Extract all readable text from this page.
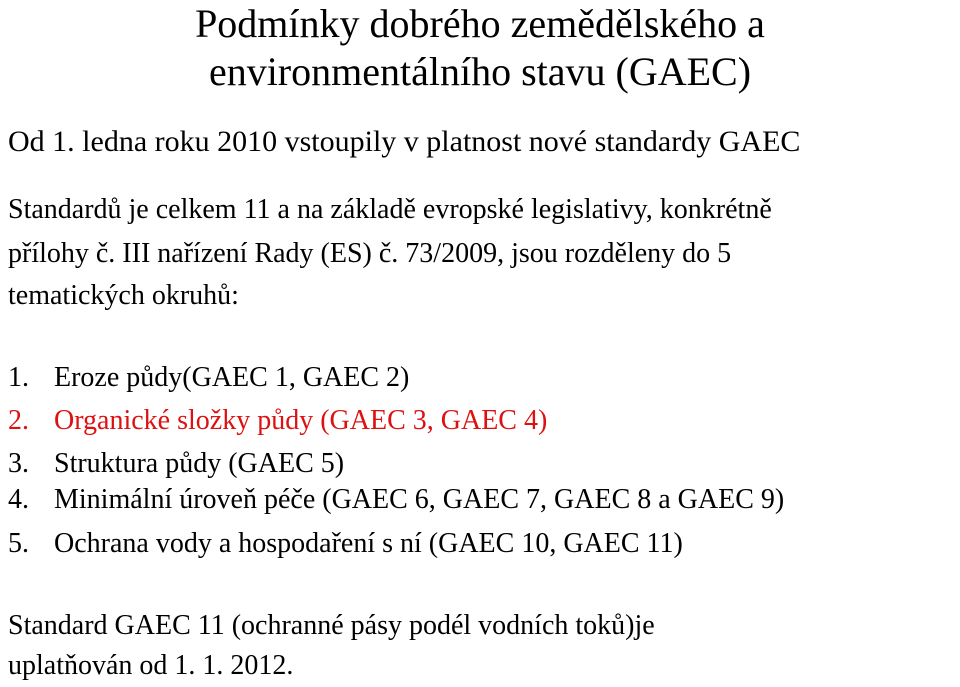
Podmínky dobrého zemědělského a
environmentálního stavu (GAEC)
Od 1. ledna roku 2010 vstoupily v platnost nové standardy GAEC
Standardů je celkem 11 a na základě evropské legislativy, konkrétně
přílohy č. III nařízení Rady (ES) č. 73/2009, jsou rozděleny do 5
tematických okruhů:
1. Eroze půdy(GAEC 1, GAEC 2)
2. Organické složky půdy (GAEC 3, GAEC 4)
3. Struktura půdy (GAEC 5)
4. Minimální úroveň péče (GAEC 6, GAEC 7, GAEC 8 a GAEC 9)
5. Ochrana vody a hospodaření s ní (GAEC 10, GAEC 11)
Standard GAEC 11 (ochranné pásy podél vodních toků)je
uplatňován od 1. 1. 2012.
